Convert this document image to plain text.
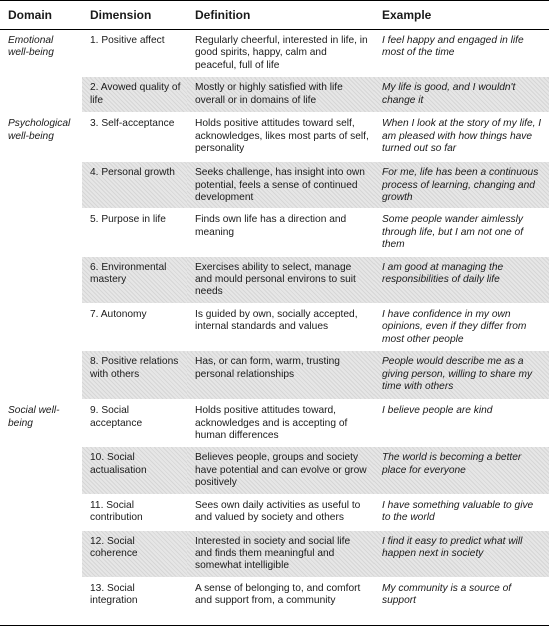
Domain	Dimension	Definition	Example
Emotional well-being	1. Positive affect	Regularly cheerful, interested in life, in good spirits, happy, calm and peaceful, full of life	I feel happy and engaged in life most of the time
	2. Avowed quality of life	Mostly or highly satisfied with life overall or in domains of life	My life is good, and I wouldn't change it
Psychological well-being	3. Self-acceptance	Holds positive attitudes toward self, acknowledges, likes most parts of self, personality	When I look at the story of my life, I am pleased with how things have turned out so far
	4. Personal growth	Seeks challenge, has insight into own potential, feels a sense of continued development	For me, life has been a continuous process of learning, changing and growth
	5. Purpose in life	Finds own life has a direction and meaning	Some people wander aimlessly through life, but I am not one of them
	6. Environmental mastery	Exercises ability to select, manage and mould personal environs to suit needs	I am good at managing the responsibilities of daily life
	7. Autonomy	Is guided by own, socially accepted, internal standards and values	I have confidence in my own opinions, even if they differ from most other people
	8. Positive relations with others	Has, or can form, warm, trusting personal relationships	People would describe me as a giving person, willing to share my time with others
Social well-being	9. Social acceptance	Holds positive attitudes toward, acknowledges and is accepting of human differences	I believe people are kind
	10. Social actualisation	Believes people, groups and society have potential and can evolve or grow positively	The world is becoming a better place for everyone
	11. Social contribution	Sees own daily activities as useful to and valued by society and others	I have something valuable to give to the world
	12. Social coherence	Interested in society and social life and finds them meaningful and somewhat intelligible	I find it easy to predict what will happen next in society
	13. Social integration	A sense of belonging to, and comfort and support from, a community	My community is a source of support
